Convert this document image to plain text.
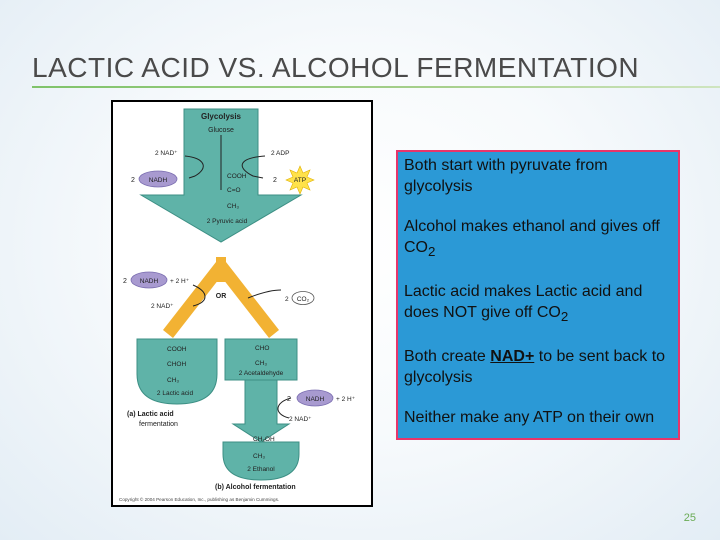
LACTIC ACID VS. ALCOHOL FERMENTATION
Glycolysis
Glucose
2 NAD⁺
2 NADH
2 ADP
2	ATP
COOH
C=O
CH₃
2 Pyruvic acid
2 NADH + 2 H⁺
2 NAD⁺
OR	2 CO₂
COOH
CHOH
CH₃
2 Lactic acid
(a) Lactic acid
fermentation
CHO
CH₃
2 Acetaldehyde
2 NADH + 2 H⁺
2 NAD⁺
CH₂OH
CH₃
2 Ethanol
(b) Alcohol fermentation
Copyright © 2004 Pearson Education, Inc., publishing as Benjamin Cummings.

Both start with pyruvate from glycolysis

Alcohol makes ethanol and gives off $CO_2$

Lactic acid makes Lactic acid and does NOT give off $CO_2$

Both create NAD+ to be sent back to glycolysis

Neither make any ATP on their own

25
